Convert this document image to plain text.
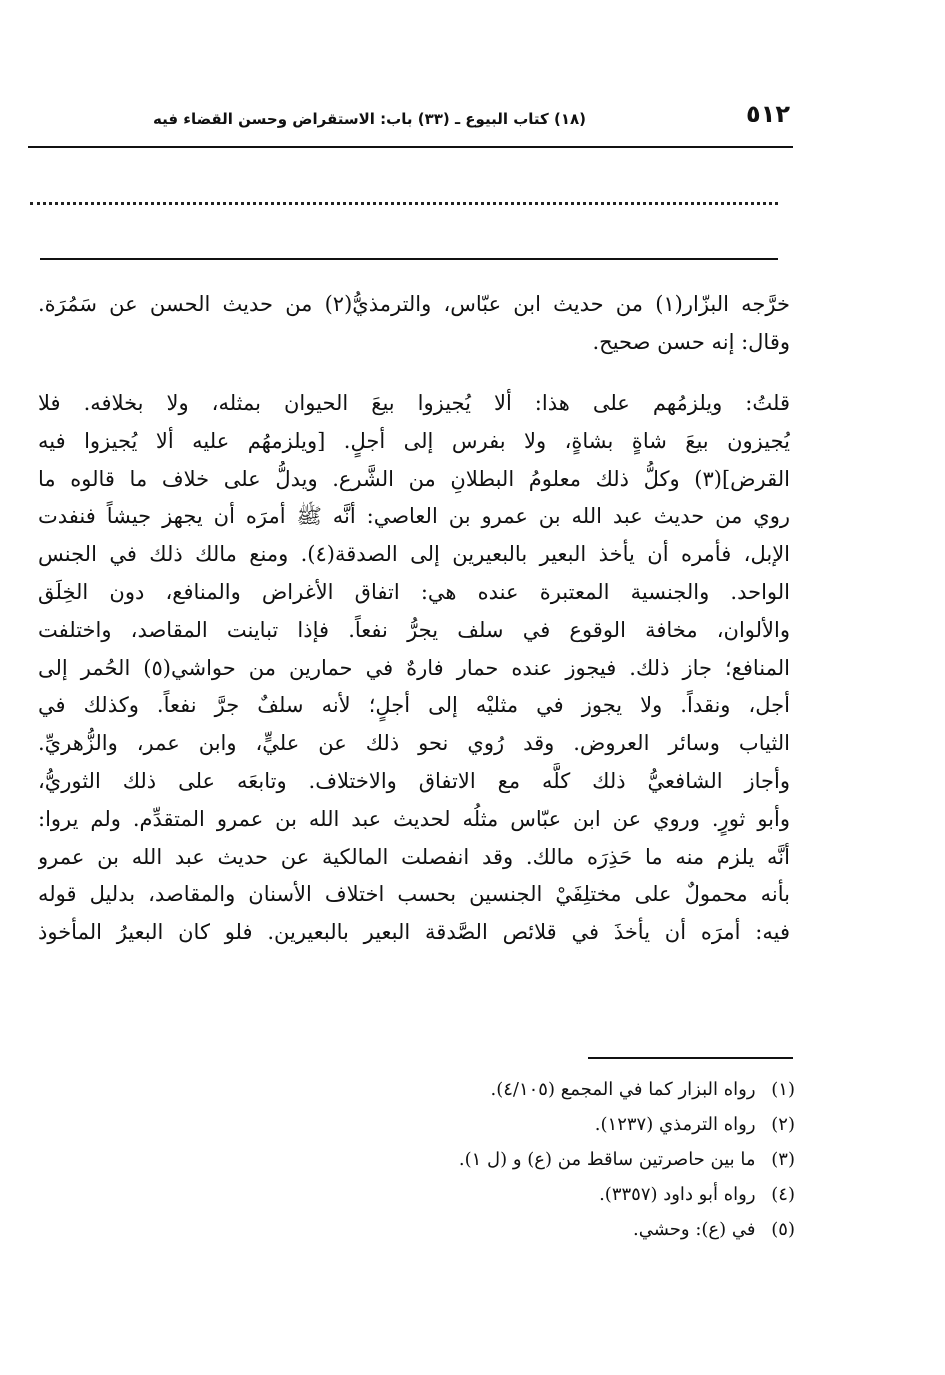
٥١٢
(١٨) كتاب البيوع ـ (٣٣) باب: الاستقراض وحسن القضاء فيه
خرَّجه البزّار(١) من حديث ابن عبّاس، والترمذيُّ(٢) من حديث الحسن عن سَمُرَة.
وقال: إنه حسن صحيح.
قلتُ: ويلزمُهم على هذا: ألا يُجيزوا بيعَ الحيوان بمثله، ولا بخلافه. فلا
يُجيزون بيعَ شاةٍ بشاةٍ، ولا بفرس إلى أجلٍ. [ويلزمهُم عليه ألا يُجيزوا فيه
القرض](٣) وكلُّ ذلك معلومُ البطلانِ من الشَّرع. ويدلُّ على خلاف ما قالوه ما
روي من حديث عبد الله بن عمرو بن العاصي: أنَّه ﷺ أمرَه أن يجهز جيشاً فنفدت
الإبل، فأمره أن يأخذ البعير بالبعيرين إلى الصدقة(٤). ومنع مالك ذلك في الجنس
الواحد. والجنسية المعتبرة عنده هي: اتفاق الأغراض والمنافع، دون الخِلَق
والألوان، مخافة الوقوع في سلف يجرُّ نفعاً. فإذا تباينت المقاصد، واختلفت
المنافع؛ جاز ذلك. فيجوز عنده حمار فارهٌ في حمارين من حواشي(٥) الحُمر إلى
أجل، ونقداً. ولا يجوز في مثليْه إلى أجلٍ؛ لأنه سلفٌ جرَّ نفعاً. وكذلك في
الثياب وسائر العروض. وقد رُوي نحو ذلك عن عليٍّ، وابن عمر، والزُّهريِّ.
وأجاز الشافعيُّ ذلك كلَّه مع الاتفاق والاختلاف. وتابعَه على ذلك الثوريُّ،
وأبو ثورٍ. وروي عن ابن عبّاس مثلُه لحديث عبد الله بن عمرو المتقدِّم. ولم يروا:
أنَّه يلزم منه ما حَذِرَه مالك. وقد انفصلت المالكية عن حديث عبد الله بن عمرو
بأنه محمولٌ على مختلِفَيْ الجنسين بحسب اختلاف الأسنان والمقاصد، بدليل قوله
فيه: أمرَه أن يأخذَ في قلائص الصَّدقة البعير بالبعيرين. فلو كان البعيرُ المأخوذ
(١) رواه البزار كما في المجمع (٤/١٠٥).
(٢) رواه الترمذي (١٢٣٧).
(٣) ما بين حاصرتين ساقط من (ع) و (ل ١).
(٤) رواه أبو داود (٣٣٥٧).
(٥) في (ع): وحشي.
